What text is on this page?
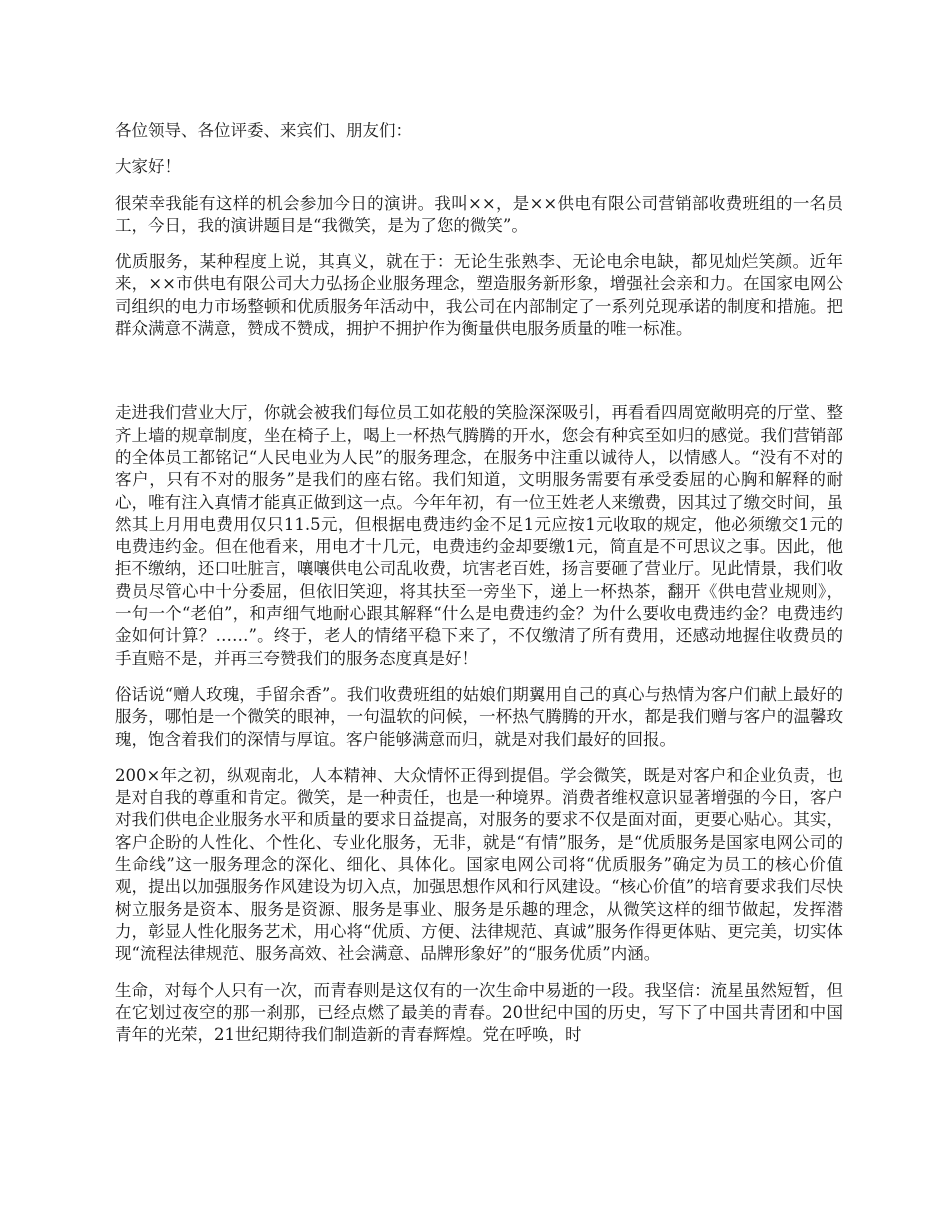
各位领导、各位评委、来宾们、朋友们：

大家好！

很荣幸我能有这样的机会参加今日的演讲。我叫××，是××供电有限公司营销部收费班组的一名员工，今日，我的演讲题目是“我微笑，是为了您的微笑”。

优质服务，某种程度上说，其真义，就在于：无论生张熟李、无论电余电缺，都见灿烂笑颜。近年来，××市供电有限公司大力弘扬企业服务理念，塑造服务新形象，增强社会亲和力。在国家电网公司组织的电力市场整顿和优质服务年活动中，我公司在内部制定了一系列兑现承诺的制度和措施。把群众满意不满意，赞成不赞成，拥护不拥护作为衡量供电服务质量的唯一标准。

走进我们营业大厅，你就会被我们每位员工如花般的笑脸深深吸引，再看看四周宽敞明亮的厅堂、整齐上墙的规章制度，坐在椅子上，喝上一杯热气腾腾的开水，您会有种宾至如归的感觉。我们营销部的全体员工都铭记“人民电业为人民”的服务理念，在服务中注重以诚待人，以情感人。“没有不对的客户，只有不对的服务”是我们的座右铭。我们知道，文明服务需要有承受委屈的心胸和解释的耐心，唯有注入真情才能真正做到这一点。今年年初，有一位王姓老人来缴费，因其过了缴交时间，虽然其上月用电费用仅只11.5元，但根据电费违约金不足1元应按1元收取的规定，他必须缴交1元的电费违约金。但在他看来，用电才十几元，电费违约金却要缴1元，简直是不可思议之事。因此，他拒不缴纳，还口吐脏言，嚷嚷供电公司乱收费，坑害老百姓，扬言要砸了营业厅。见此情景，我们收费员尽管心中十分委屈，但依旧笑迎，将其扶至一旁坐下，递上一杯热茶，翻开《供电营业规则》，一句一个“老伯”，和声细气地耐心跟其解释“什么是电费违约金？为什么要收电费违约金？电费违约金如何计算？……”。终于，老人的情绪平稳下来了，不仅缴清了所有费用，还感动地握住收费员的手直赔不是，并再三夸赞我们的服务态度真是好！

俗话说“赠人玫瑰，手留余香”。我们收费班组的姑娘们期翼用自己的真心与热情为客户们献上最好的服务，哪怕是一个微笑的眼神，一句温软的问候，一杯热气腾腾的开水，都是我们赠与客户的温馨玫瑰，饱含着我们的深情与厚谊。客户能够满意而归，就是对我们最好的回报。

200×年之初，纵观南北，人本精神、大众情怀正得到提倡。学会微笑，既是对客户和企业负责，也是对自我的尊重和肯定。微笑，是一种责任，也是一种境界。消费者维权意识显著增强的今日，客户对我们供电企业服务水平和质量的要求日益提高，对服务的要求不仅是面对面，更要心贴心。其实，客户企盼的人性化、个性化、专业化服务，无非，就是“有情”服务，是“优质服务是国家电网公司的生命线”这一服务理念的深化、细化、具体化。国家电网公司将“优质服务”确定为员工的核心价值观，提出以加强服务作风建设为切入点，加强思想作风和行风建设。“核心价值”的培育要求我们尽快树立服务是资本、服务是资源、服务是事业、服务是乐趣的理念，从微笑这样的细节做起，发挥潜力，彰显人性化服务艺术，用心将“优质、方便、法律规范、真诚”服务作得更体贴、更完美，切实体现“流程法律规范、服务高效、社会满意、品牌形象好”的“服务优质”内涵。

生命，对每个人只有一次，而青春则是这仅有的一次生命中易逝的一段。我坚信：流星虽然短暂，但在它划过夜空的那一刹那，已经点燃了最美的青春。20世纪中国的历史，写下了中国共青团和中国青年的光荣，21世纪期待我们制造新的青春辉煌。党在呼唤，时
